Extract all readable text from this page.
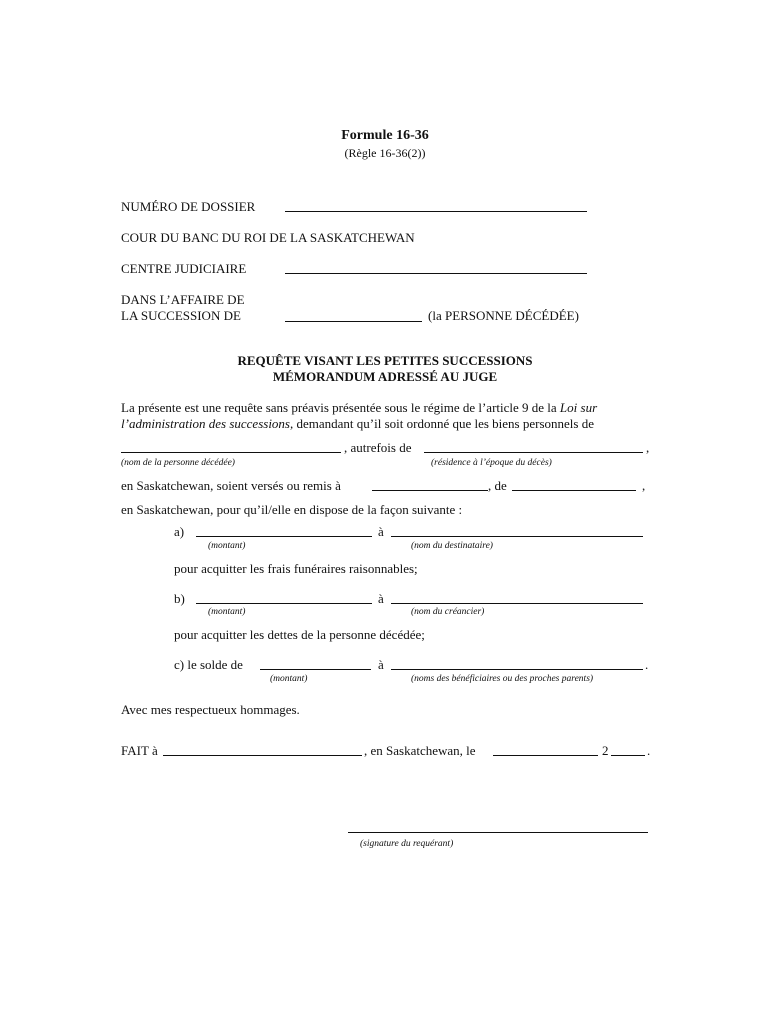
Formule 16-36
(Règle 16-36(2))
NUMÉRO DE DOSSIER
COUR DU BANC DU ROI DE LA SASKATCHEWAN
CENTRE JUDICIAIRE
DANS L’AFFAIRE DE
LA SUCCESSION DE	(la PERSONNE DÉCÉDÉE)
REQUÊTE VISANT LES PETITES SUCCESSIONS
MÉMORANDUM ADRESSÉ AU JUGE
La présente est une requête sans préavis présentée sous le régime de l’article 9 de la Loi sur
l’administration des successions, demandant qu’il soit ordonné que les biens personnels de
, autrefois de	,
(nom de la personne décédée)	(résidence à l’époque du décès)
en Saskatchewan, soient versés ou remis à	, de	,
en Saskatchewan, pour qu’il/elle en dispose de la façon suivante :
a)	à
(montant)	(nom du destinataire)
pour acquitter les frais funéraires raisonnables;
b)	à
(montant)	(nom du créancier)
pour acquitter les dettes de la personne décédée;
c) le solde de	à	.
(montant)	(noms des bénéficiaires ou des proches parents)
Avec mes respectueux hommages.
FAIT à	, en Saskatchewan, le	2	.
(signature du requérant)
